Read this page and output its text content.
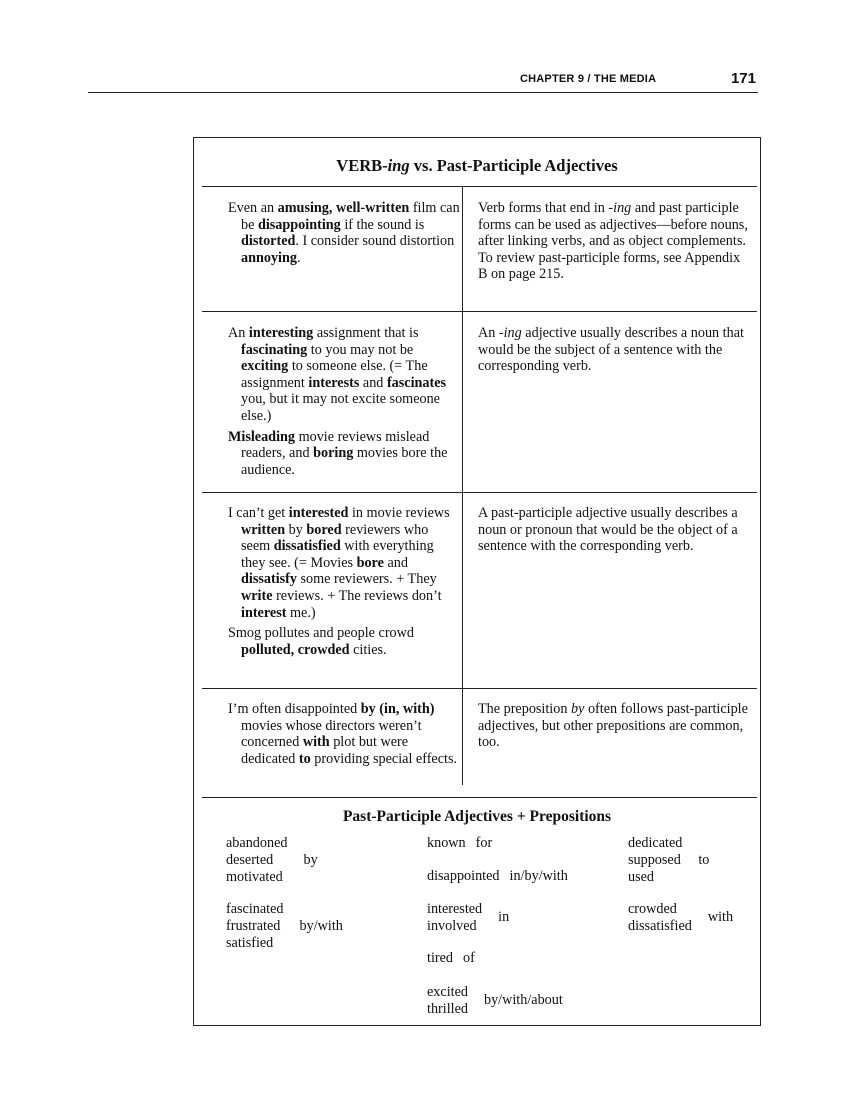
CHAPTER 9 / THE MEDIA	171
VERB-ing vs. Past-Participle Adjectives

Even an amusing, well-written film can be disappointing if the sound is distorted. I consider sound distortion annoying.

Verb forms that end in -ing and past participle forms can be used as adjectives—before nouns, after linking verbs, and as object complements. To review past-participle forms, see Appendix B on page 215.

An interesting assignment that is fascinating to you may not be exciting to someone else. (= The assignment interests and fascinates you, but it may not excite someone else.)

Misleading movie reviews mislead readers, and boring movies bore the audience.

An -ing adjective usually describes a noun that would be the subject of a sentence with the corresponding verb.

I can’t get interested in movie reviews written by bored reviewers who seem dissatisfied with everything they see. (= Movies bore and dissatisfy some reviewers. + They write reviews. + The reviews don’t interest me.)

Smog pollutes and people crowd polluted, crowded cities.

A past-participle adjective usually describes a noun or pronoun that would be the object of a sentence with the corresponding verb.

I’m often disappointed by (in, with) movies whose directors weren’t concerned with plot but were dedicated to providing special effects.

The preposition by often follows past-participle adjectives, but other prepositions are common, too.

Past-Participle Adjectives + Prepositions
abandoned
deserted
motivated
by
fascinated
frustrated
satisfied
by/with
known for
disappointed in/by/with
interested
involved
in
tired of
excited
thrilled
by/with/about
dedicated
supposed
used
to
crowded
dissatisfied
with
